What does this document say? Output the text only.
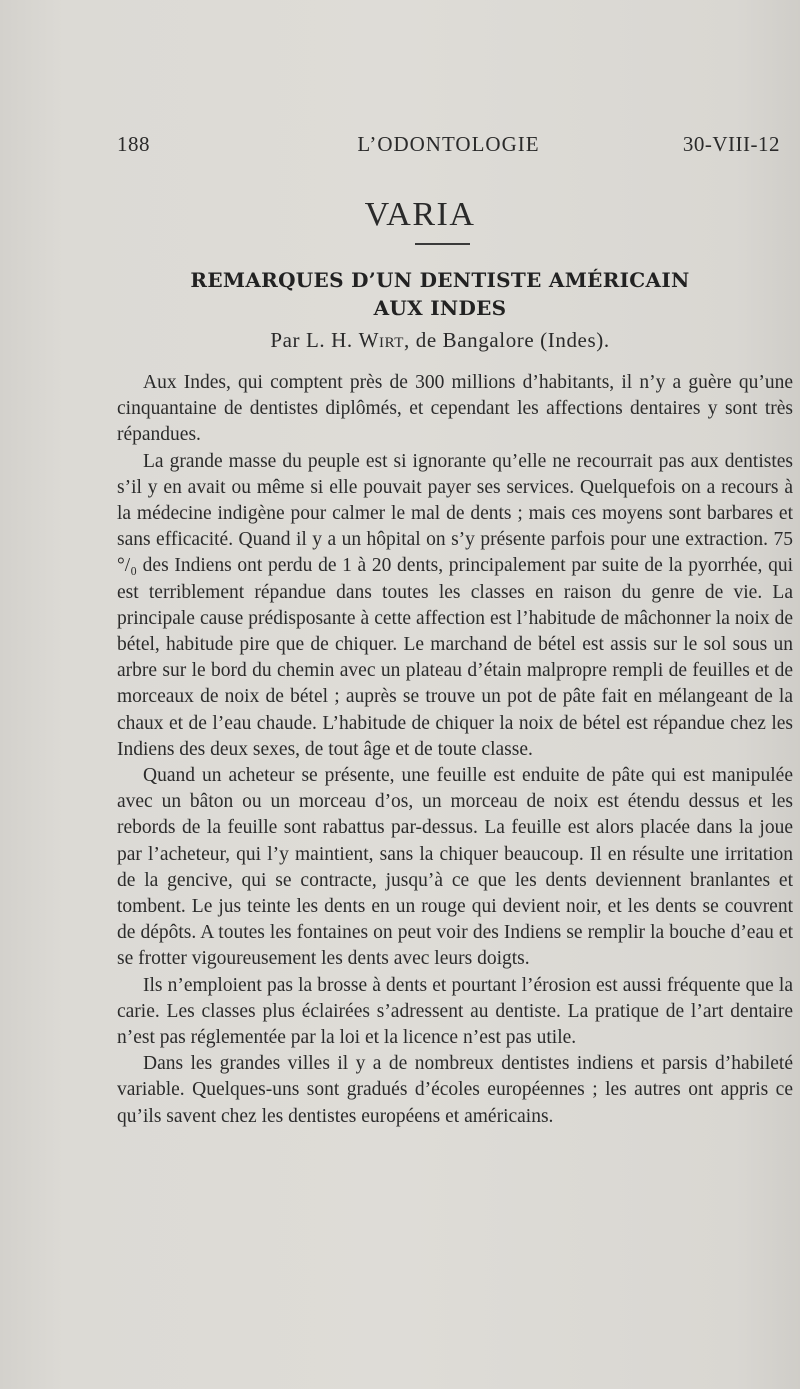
188	L’ODONTOLOGIE	30-VIII-12
VARIA
REMARQUES D’UN DENTISTE AMÉRICAIN
AUX INDES
Par L. H. Wirt, de Bangalore (Indes).

Aux Indes, qui comptent près de 300 millions d’habitants, il n’y a guère qu’une cinquantaine de dentistes diplômés, et cependant les affections dentaires y sont très répandues.

La grande masse du peuple est si ignorante qu’elle ne recourrait pas aux dentistes s’il y en avait ou même si elle pouvait payer ses services. Quelquefois on a recours à la médecine indigène pour calmer le mal de dents ; mais ces moyens sont barbares et sans efficacité. Quand il y a un hôpital on s’y présente parfois pour une extraction. 75 °/₀ des Indiens ont perdu de 1 à 20 dents, principalement par suite de la pyorrhée, qui est terriblement répandue dans toutes les classes en raison du genre de vie. La principale cause prédisposante à cette affection est l’habitude de mâchonner la noix de bétel, habitude pire que de chiquer. Le marchand de bétel est assis sur le sol sous un arbre sur le bord du chemin avec un plateau d’étain malpropre rempli de feuilles et de morceaux de noix de bétel ; auprès se trouve un pot de pâte fait en mélangeant de la chaux et de l’eau chaude. L’habitude de chiquer la noix de bétel est répandue chez les Indiens des deux sexes, de tout âge et de toute classe.

Quand un acheteur se présente, une feuille est enduite de pâte qui est manipulée avec un bâton ou un morceau d’os, un morceau de noix est étendu dessus et les rebords de la feuille sont rabattus par-dessus. La feuille est alors placée dans la joue par l’acheteur, qui l’y maintient, sans la chiquer beaucoup. Il en résulte une irritation de la gencive, qui se contracte, jusqu’à ce que les dents deviennent branlantes et tombent. Le jus teinte les dents en un rouge qui devient noir, et les dents se couvrent de dépôts. A toutes les fontaines on peut voir des Indiens se remplir la bouche d’eau et se frotter vigoureusement les dents avec leurs doigts.

Ils n’emploient pas la brosse à dents et pourtant l’érosion est aussi fréquente que la carie. Les classes plus éclairées s’adressent au dentiste. La pratique de l’art dentaire n’est pas réglementée par la loi et la licence n’est pas utile.

Dans les grandes villes il y a de nombreux dentistes indiens et parsis d’habileté variable. Quelques-uns sont gradués d’écoles européennes ; les autres ont appris ce qu’ils savent chez les dentistes européens et américains.
